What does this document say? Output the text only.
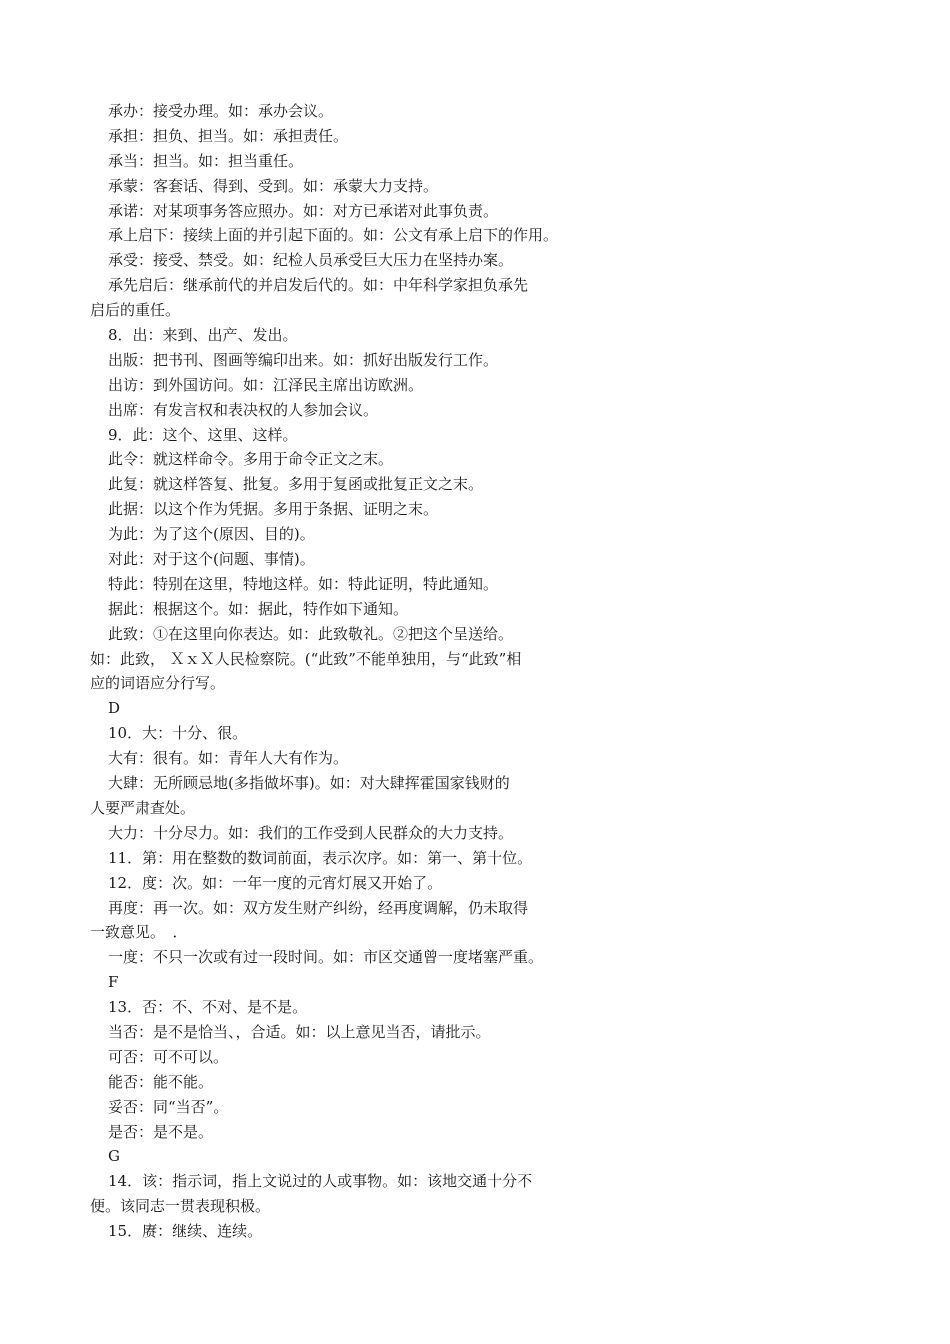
承办：接受办理。如：承办会议。
承担：担负、担当。如：承担责任。
承当：担当。如：担当重任。
承蒙：客套话、得到、受到。如：承蒙大力支持。
承诺：对某项事务答应照办。如：对方已承诺对此事负责。
承上启下：接续上面的并引起下面的。如：公文有承上启下的作用。
承受：接受、禁受。如：纪检人员承受巨大压力在坚持办案。
承先启后：继承前代的并启发后代的。如：中年科学家担负承先
启后的重任。
8．出：来到、出产、发出。
出版：把书刊、图画等编印出来。如：抓好出版发行工作。
出访：到外国访问。如：江泽民主席出访欧洲。
出席：有发言权和表决权的人参加会议。
9．此：这个、这里、这样。
此令：就这样命令。多用于命令正文之末。
此复：就这样答复、批复。多用于复函或批复正文之末。
此据：以这个作为凭据。多用于条据、证明之末。
为此：为了这个(原因、目的)。
对此：对于这个(问题、事情)。
特此：特别在这里，特地这样。如：特此证明，特此通知。
据此：根据这个。如：据此，特作如下通知。
此致：①在这里向你表达。如：此致敬礼。②把这个呈送给。
如：此致， ＸｘＸ人民检察院。(“此致”不能单独用，与“此致”相
应的词语应分行写。
D
10．大：十分、很。
大有：很有。如：青年人大有作为。
大肆：无所顾忌地(多指做坏事)。如：对大肆挥霍国家钱财的
人要严肃查处。
大力：十分尽力。如：我们的工作受到人民群众的大力支持。
11．第：用在整数的数词前面，表示次序。如：第一、第十位。
12．度：次。如：一年一度的元宵灯展又开始了。
再度：再一次。如：双方发生财产纠纷，经再度调解，仍未取得
一致意见。　．
一度：不只一次或有过一段时间。如：市区交通曾一度堵塞严重。
F
13．否：不、不对、是不是。
当否：是不是恰当、，合适。如：以上意见当否，请批示。
可否：可不可以。
能否：能不能。
妥否：同“当否”。
是否：是不是。
G
14．该：指示词，指上文说过的人或事物。如：该地交通十分不
便。该同志一贯表现积极。
15．赓：继续、连续。
